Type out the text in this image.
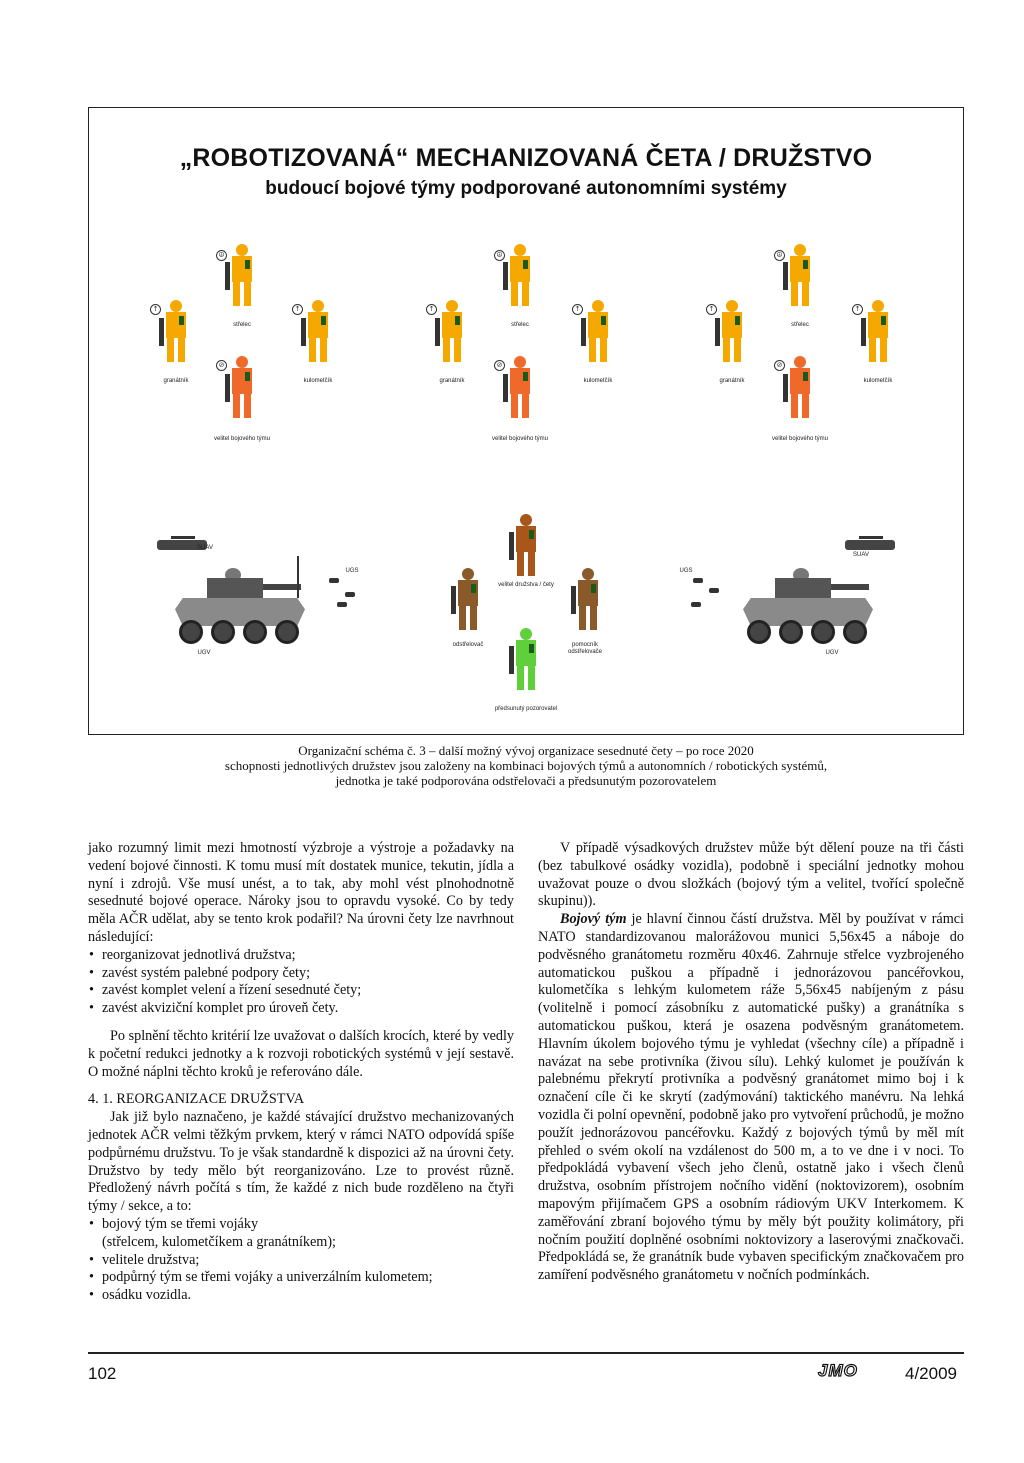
„ROBOTIZOVANÁ“ MECHANIZOVANÁ ČETA / DRUŽSTVO
budoucí bojové týmy podporované autonomními systémy
☮
střelec
↑
granátník
↑
kulometčík
⊘
velitel bojového týmu
☮
střelec
↑
granátník
↑
kulometčík
⊘
velitel bojového týmu
☮
střelec
↑
granátník
↑
kulometčík
⊘
velitel bojového týmu
SUAV
UGV
UGS
velitel družstva / čety
odstřelovač	pomocník odstřelovače
předsunutý pozorovatel
SUAV
UGV
UGS
Organizační schéma č. 3 – další možný vývoj organizace sesednuté čety – po roce 2020
schopnosti jednotlivých družstev jsou založeny na kombinaci bojových týmů a autonomních / robotických systémů,
jednotka je také podporována odstřelovači a předsunutým pozorovatelem

jako rozumný limit mezi hmotností výzbroje a výstroje a požadavky na vedení bojové činnosti. K tomu musí mít dostatek munice, tekutin, jídla a nyní i zdrojů. Vše musí unést, a to tak, aby mohl vést plnohodnotně sesednuté bojové operace. Nároky jsou to opravdu vysoké. Co by tedy měla AČR udělat, aby se tento krok podařil? Na úrovni čety lze navrhnout následující:

• reorganizovat jednotlivá družstva;
• zavést systém palebné podpory čety;
• zavést komplet velení a řízení sesednuté čety;
• zavést akviziční komplet pro úroveň čety.

Po splnění těchto kritérií lze uvažovat o dalších krocích, které by vedly k početní redukci jednotky a k rozvoji robotických systémů v její sestavě. O možné náplni těchto kroků je referováno dále.

4. 1. REORGANIZACE DRUŽSTVA

Jak již bylo naznačeno, je každé stávající družstvo mechanizovaných jednotek AČR velmi těžkým prvkem, který v rámci NATO odpovídá spíše podpůrnému družstvu. To je však standardně k dispozici až na úrovni čety. Družstvo by tedy mělo být reorganizováno. Lze to provést různě. Předložený návrh počítá s tím, že každé z nich bude rozděleno na čtyři týmy / sekce, a to:

• bojový tým se třemi vojáky
(střelcem, kulometčíkem a granátníkem);
• velitele družstva;
• podpůrný tým se třemi vojáky a univerzálním kulometem;
• osádku vozidla.

V případě výsadkových družstev může být dělení pouze na tři části (bez tabulkové osádky vozidla), podobně i speciální jednotky mohou uvažovat pouze o dvou složkách (bojový tým a velitel, tvořící společně skupinu)).

Bojový tým je hlavní činnou částí družstva. Měl by používat v rámci NATO standardizovanou malorážovou munici 5,56x45 a náboje do podvěsného granátometu rozměru 40x46. Zahrnuje střelce vyzbrojeného automatickou puškou a případně i jednorázovou pancéřovkou, kulometčíka s lehkým kulometem ráže 5,56x45 nabíjeným z pásu (volitelně i pomocí zásobníku z automatické pušky) a granátníka s automatickou puškou, která je osazena podvěsným granátometem. Hlavním úkolem bojového týmu je vyhledat (všechny cíle) a případně i navázat na sebe protivníka (živou sílu). Lehký kulomet je používán k palebnému překrytí protivníka a podvěsný granátomet mimo boj i k označení cíle či ke skrytí (zadýmování) taktického manévru. Na lehká vozidla či polní opevnění, podobně jako pro vytvoření průchodů, je možno použít jednorázovou pancéřovku. Každý z bojových týmů by měl mít přehled o svém okolí na vzdálenost do 500 m, a to ve dne i v noci. To předpokládá vybavení všech jeho členů, ostatně jako i všech členů družstva, osobním přístrojem nočního vidění (noktovizorem), osobním mapovým přijímačem GPS a osobním rádiovým UKV Interkomem. K zaměřování zbraní bojového týmu by měly být použity kolimátory, při nočním použití doplněné osobními noktovizory a laserovými značkovači. Předpokládá se, že granátník bude vybaven specifickým značkovačem pro zamíření podvěsného granátometu v nočních podmínkách.

102	JMO	4/2009
